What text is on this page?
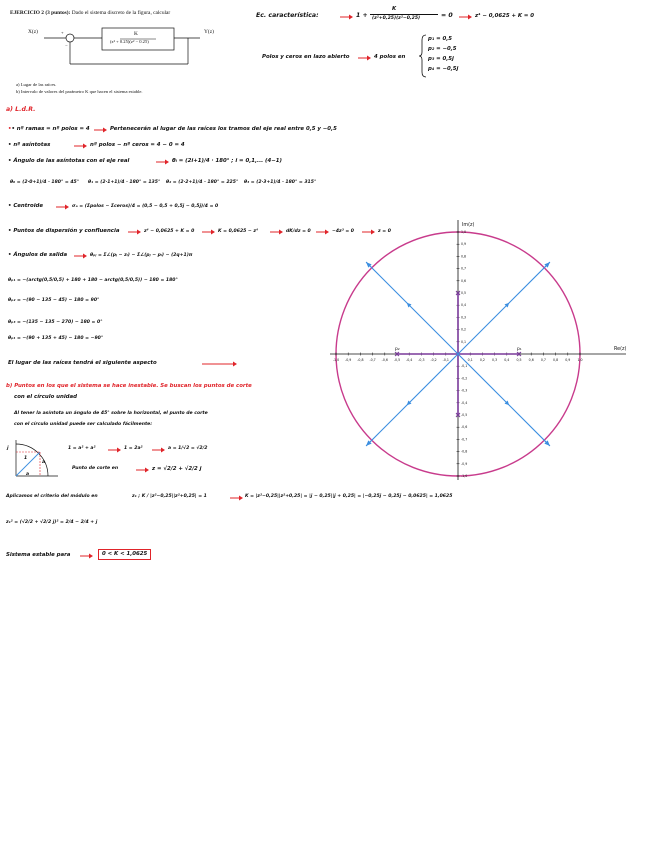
EJERCICIO 2 (3 puntos): Dado el sistema discreto de la figura, calcular
X(z)	+
−
K
(z² + 0.25)(z² − 0.25)
Y(z)
a) Lugar de las raíces.
b) Intervalo de valores del parámetro K que hacen el sistema estable.
Ec. característica:	1 +
K
(z²+0,25)(z²−0,25)	= 0	z⁴ − 0,0625 + K = 0
Polos y ceros en lazo abierto	4 polos en
p₁ = 0,5
p₂ = −0,5
p₃ = 0,5j
p₄ = −0,5j
a) L.d.R.
•• nº ramas = nº polos = 4	Pertenecerán al lugar de las raíces los tramos del eje real entre 0,5 y −0,5
• nº asíntotas	nº polos − nº ceros = 4 − 0 = 4
• Ángulo de las asíntotas con el eje real	θᵢ = (2i+1)/4 · 180° ; i = 0,1,... (4−1)
θ₀ = (2·0+1)/4 · 180° = 45° θ₁ = (2·1+1)/4 · 180° = 135° θ₂ = (2·2+1)/4 · 180° = 225° θ₃ = (2·3+1)/4 · 180° = 315°
• Centroide	σₐ = (Σpolos − Σceros)/4 = (0,5 − 0,5 + 0,5j − 0,5j)/4 = 0
• Puntos de dispersión y confluencia	z⁴ − 0,0625 + K = 0	K = 0,0625 − z⁴	dK/dz = 0	−4z³ = 0	z = 0
• Ángulos de salida	θₚⱼ = Σ∠(pⱼ − zᵢ) − Σ∠(pⱼ − pᵢ) − (2q+1)π
θₚ₁ = −(arctg(0,5/0,5) + 180 + 180 − arctg(0,5/0,5)) − 180 = 180°
θₚ₂ = −(90 − 135 − 45) − 180 = 90°
θₚ₃ = −(135 − 135 − 270) − 180 = 0°
θₚ₄ = −(90 + 135 + 45) − 180 = −90°
El lugar de las raíces tendrá el siguiente aspecto
b) Puntos en los que el sistema se hace inestable. Se buscan los puntos de corte
con el círculo unidad
Al tener la asíntota un ángulo de 45° sobre la horizontal, el punto de corte
con el círculo unidad puede ser calculado fácilmente:
j
a
a
1
1 = a² + a²	1 = 2a²	a = 1/√2 = √2/2
Punto de corte en	z = √2/2 + √2/2 j
Aplicamos el criterio del módulo en	z₁ ; K / |z²−0,25||z²+0,25| = 1	K = |z²−0,25||z²+0,25| = |j − 0,25||j + 0,25| = |−0,25j − 0,25j − 0,0625| = 1,0625
z₁² = (√2/2 + √2/2 j)² = 2/4 − 2/4 + j
Sistema estable para	0 < K < 1,0625
-1,0 -0,9 -0,8 -0,7 -0,6 -0,5 -0,4 -0,3 -0,2 -0,1	0,1 0,2 0,3 0,4 0,5 0,6 0,7 0,8 0,9 1,0
1,0
0,9
0,8
0,7
0,6
0,5
0,4
0,3
0,2
0,1
-0,1
-0,2
-0,3
-0,4
-0,5
-0,6
-0,7
-0,8
-0,9
-1,0
p₁
p₂
Im(z)
Re(z)
